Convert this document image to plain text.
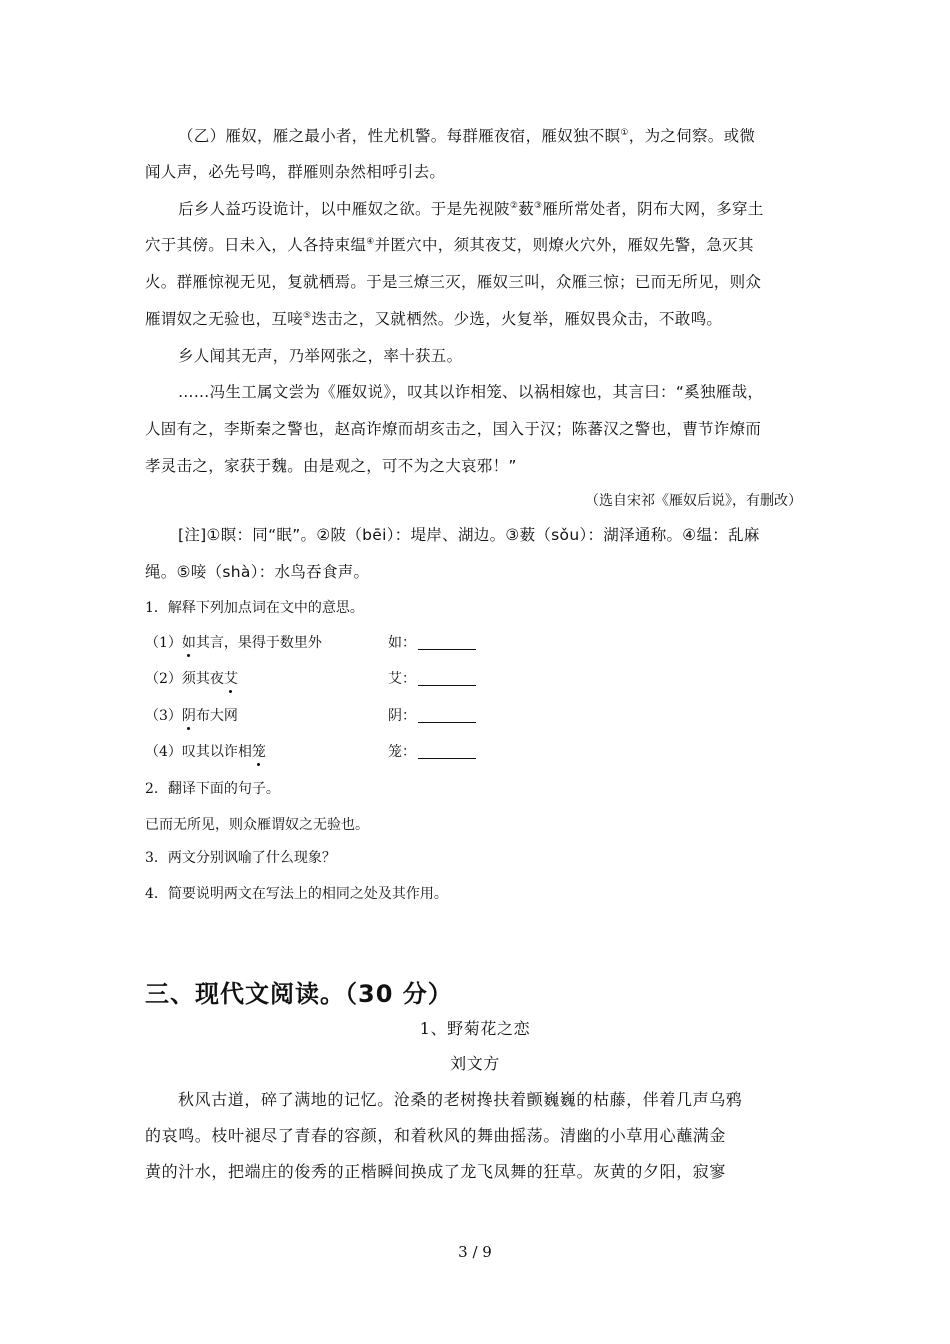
（乙）雁奴，雁之最小者，性尤机警。每群雁夜宿，雁奴独不瞑①，为之伺察。或微
闻人声，必先号鸣，群雁则杂然相呼引去。
后乡人益巧设诡计，以中雁奴之欲。于是先视陂②薮③雁所常处者，阴布大网，多穿土
穴于其傍。日未入，人各持束缊④并匿穴中，须其夜艾，则燎火穴外，雁奴先警，急灭其
火。群雁惊视无见，复就栖焉。于是三燎三灭，雁奴三叫，众雁三惊；已而无所见，则众
雁谓奴之无验也，互唼⑤迭击之，又就栖然。少选，火复举，雁奴畏众击，不敢鸣。
乡人闻其无声，乃举网张之，率十获五。
……冯生工属文尝为《雁奴说》，叹其以诈相笼、以祸相嫁也，其言曰：“奚独雁哉，
人固有之，李斯秦之警也，赵高诈燎而胡亥击之，国入于汉；陈蕃汉之警也，曹节诈燎而
孝灵击之，家获于魏。由是观之，可不为之大哀邪！”
（选自宋祁《雁奴后说》，有删改）
[注]①瞑：同“眠”。②陂（bēi）：堤岸、湖边。③薮（sǒu）：湖泽通称。④缊：乱麻
绳。⑤唼（shà）：水鸟吞食声。
1．解释下列加点词在文中的意思。
（1）如其言，果得于数里外	如：
（2）须其夜艾	艾：
（3）阴布大网	阴：
（4）叹其以诈相笼	笼：
2．翻译下面的句子。
已而无所见，则众雁谓奴之无验也。
3．两文分别讽喻了什么现象？
4．简要说明两文在写法上的相同之处及其作用。
三、现代文阅读。（30 分）
1、野菊花之恋
刘文方
秋风古道，碎了满地的记忆。沧桑的老树搀扶着颤巍巍的枯藤，伴着几声乌鸦
的哀鸣。枝叶褪尽了青春的容颜，和着秋风的舞曲摇荡。清幽的小草用心蘸满金
黄的汁水，把端庄的俊秀的正楷瞬间换成了龙飞凤舞的狂草。灰黄的夕阳，寂寥
3 / 9
